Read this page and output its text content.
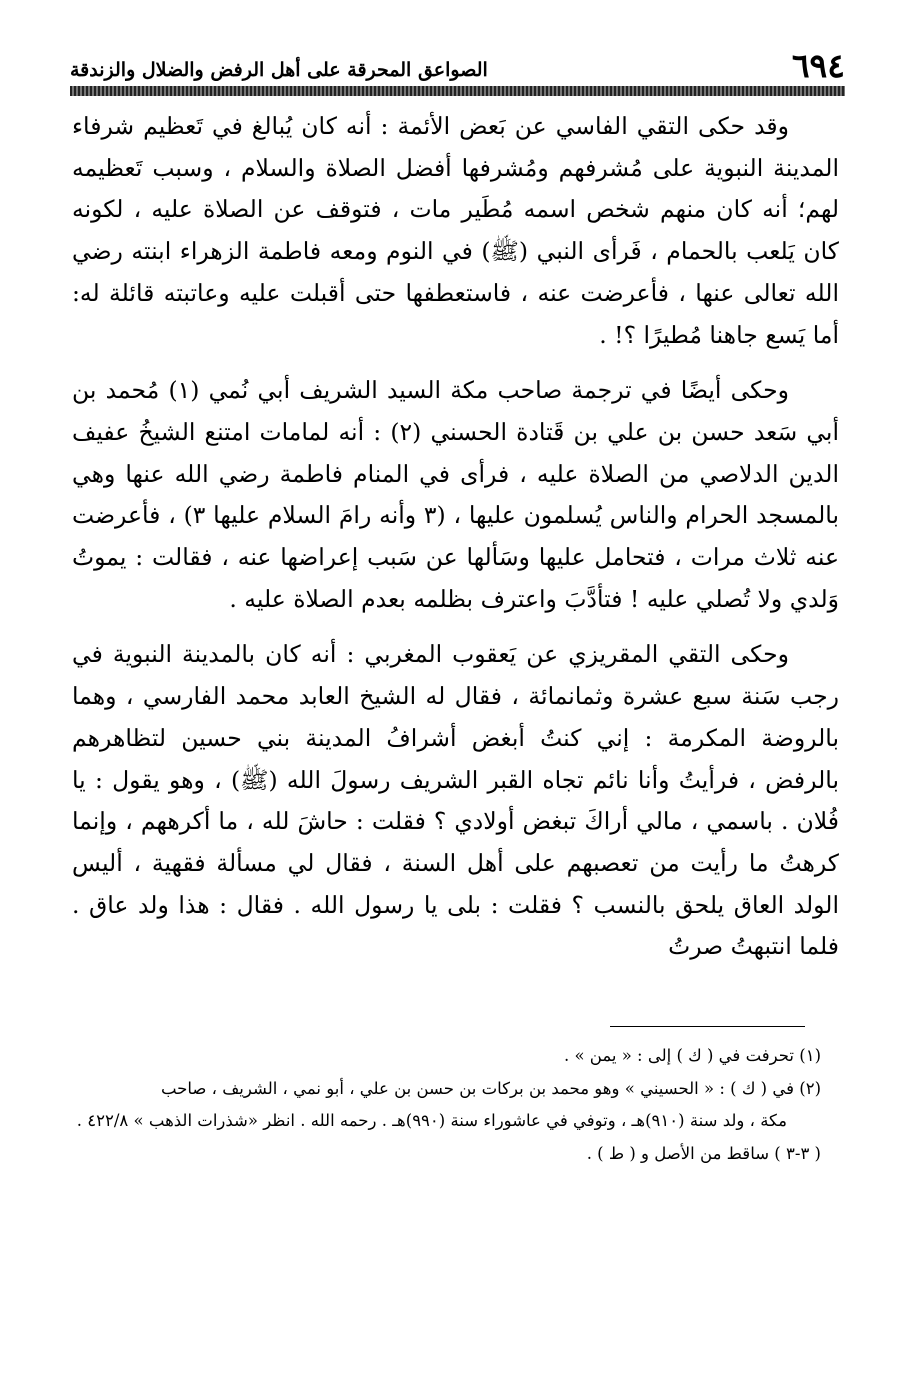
٦٩٤
الصواعق المحرقة على أهل الرفض والضلال والزندقة

وقد حكى التقي الفاسي عن بَعض الأئمة : أنه كان يُبالغ في تَعظيم شرفاء المدينة النبوية على مُشرفهم ومُشرفها أفضل الصلاة والسلام ، وسبب تَعظيمه لهم؛ أنه كان منهم شخص اسمه مُطَير مات ، فتوقف عن الصلاة عليه ، لكونه كان يَلعب بالحمام ، فَرأى النبي (ﷺ) في النوم ومعه فاطمة الزهراء ابنته رضي الله تعالى عنها ، فأعرضت عنه ، فاستعطفها حتى أقبلت عليه وعاتبته قائلة له: أما يَسع جاهنا مُطيرًا ؟! .

وحكى أيضًا في ترجمة صاحب مكة السيد الشريف أبي نُمي (١) مُحمد بن أبي سَعد حسن بن علي بن قَتادة الحسني (٢) : أنه لمامات امتنع الشيخُ عفيف الدين الدلاصي من الصلاة عليه ، فرأى في المنام فاطمة رضي الله عنها وهي بالمسجد الحرام والناس يُسلمون عليها ، (٣ وأنه رامَ السلام عليها ٣) ، فأعرضت عنه ثلاث مرات ، فتحامل عليها وسَألها عن سَبب إعراضها عنه ، فقالت : يموتُ وَلدي ولا تُصلي عليه ! فتأدَّبَ واعترف بظلمه بعدم الصلاة عليه .

وحكى التقي المقريزي عن يَعقوب المغربي : أنه كان بالمدينة النبوية في رجب سَنة سبع عشرة وثمانمائة ، فقال له الشيخ العابد محمد الفارسي ، وهما بالروضة المكرمة : إني كنتُ أبغض أشرافُ المدينة بني حسين لتظاهرهم بالرفض ، فرأيتُ وأنا نائم تجاه القبر الشريف رسولَ الله (ﷺ) ، وهو يقول : يا فُلان . باسمي ، مالي أراكَ تبغض أولادي ؟ فقلت : حاشَ لله ، ما أكرههم ، وإنما كرهتُ ما رأيت من تعصبهم على أهل السنة ، فقال لي مسألة فقهية ، أليس الولد العاق يلحق بالنسب ؟ فقلت : بلى يا رسول الله . فقال : هذا ولد عاق . فلما انتبهتُ صرتُ

(١) تحرفت في ( ك ) إلى : « يمن » .

(٢) في ( ك ) : « الحسيني » وهو محمد بن بركات بن حسن بن علي ، أبو نمي ، الشريف ، صاحب

مكة ، ولد سنة (٩١٠)هـ ، وتوفي في عاشوراء سنة (٩٩٠)هـ . رحمه الله . انظر «شذرات الذهب » ٤٢٢/٨ .

( ٣-٣ ) ساقط من الأصل و ( ط ) .
